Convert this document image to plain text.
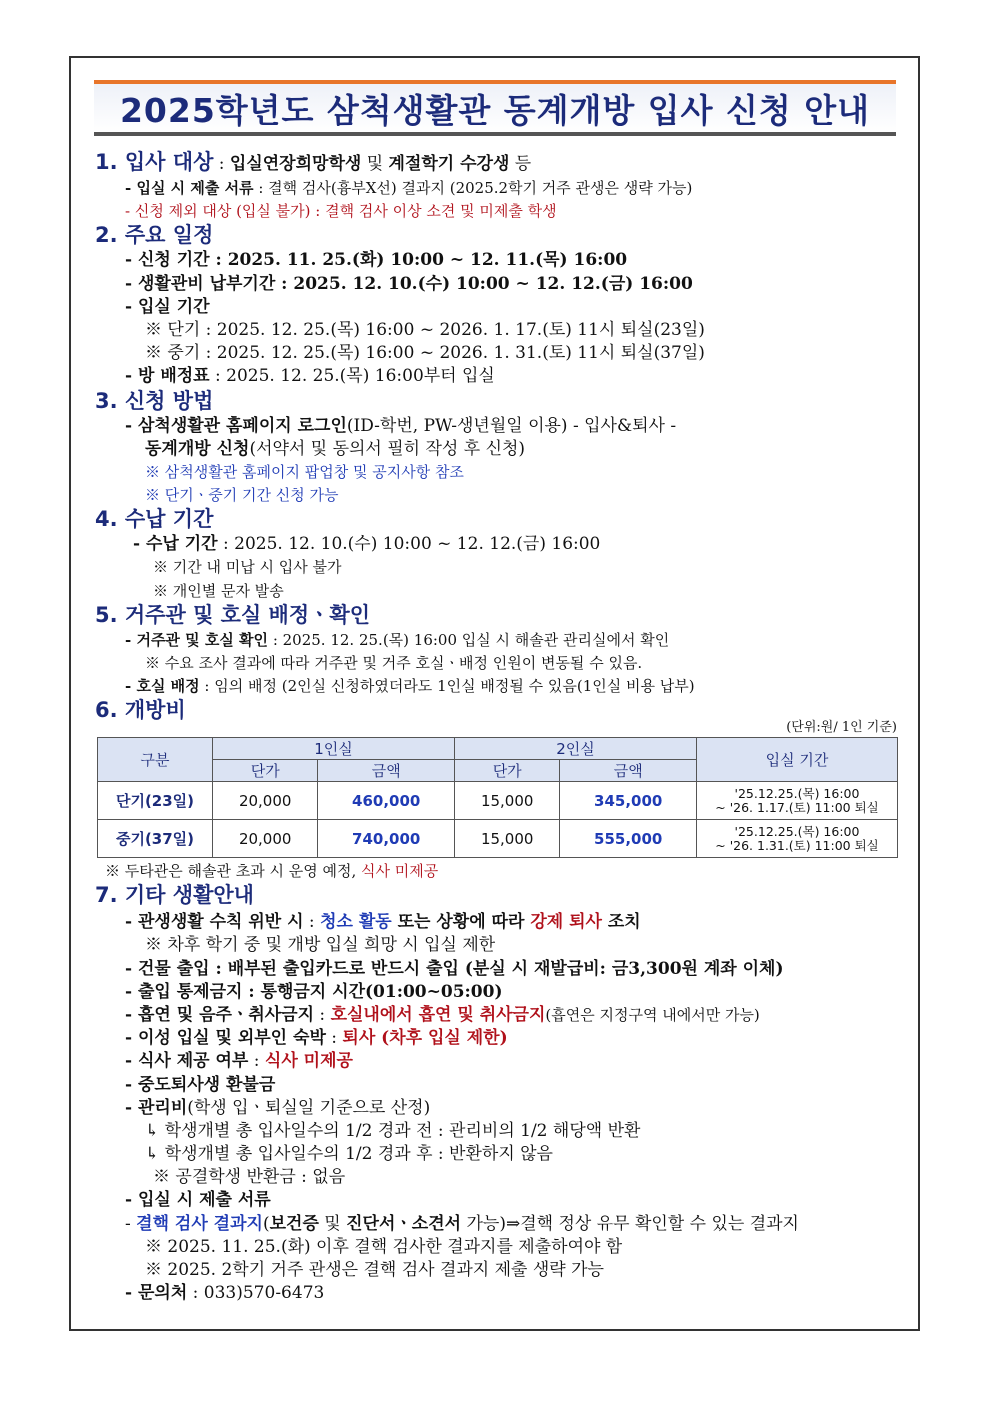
2025학년도 삼척생활관 동계개방 입사 신청 안내
1. 입사 대상 : 입실연장희망학생 및 계절학기 수강생 등
- 입실 시 제출 서류 : 결핵 검사(흉부X선) 결과지 (2025.2학기 거주 관생은 생략 가능)
- 신청 제외 대상 (입실 불가) : 결핵 검사 이상 소견 및 미제출 학생
2. 주요 일정
- 신청 기간 : 2025. 11. 25.(화) 10:00 ~ 12. 11.(목) 16:00
- 생활관비 납부기간 : 2025. 12. 10.(수) 10:00 ~ 12. 12.(금) 16:00
- 입실 기간
※ 단기 : 2025. 12. 25.(목) 16:00 ~ 2026. 1. 17.(토) 11시 퇴실(23일)
※ 중기 : 2025. 12. 25.(목) 16:00 ~ 2026. 1. 31.(토) 11시 퇴실(37일)
- 방 배정표 : 2025. 12. 25.(목) 16:00부터 입실
3. 신청 방법
- 삼척생활관 홈페이지 로그인(ID-학번, PW-생년월일 이용) - 입사&퇴사 -
동계개방 신청(서약서 및 동의서 필히 작성 후 신청)
※ 삼척생활관 홈페이지 팝업창 및 공지사항 참조
※ 단기ㆍ중기 기간 신청 가능
4. 수납 기간
- 수납 기간 : 2025. 12. 10.(수) 10:00 ~ 12. 12.(금) 16:00
※ 기간 내 미납 시 입사 불가
※ 개인별 문자 발송
5. 거주관 및 호실 배정ㆍ확인
- 거주관 및 호실 확인 : 2025. 12. 25.(목) 16:00 입실 시 해솔관 관리실에서 확인
※ 수요 조사 결과에 따라 거주관 및 거주 호실ㆍ배정 인원이 변동될 수 있음.
- 호실 배정 : 임의 배정 (2인실 신청하였더라도 1인실 배정될 수 있음(1인실 비용 납부)
6. 개방비
(단위:원/ 1인 기준)
구분	1인실		2인실		입실 기간
	단가	금액	단가	금액	
단기(23일)	20,000	460,000	15,000	345,000	'25.12.25.(목) 16:00
~ '26. 1.17.(토) 11:00 퇴실

중기(37일)	20,000	740,000	15,000	555,000	'25.12.25.(목) 16:00
~ '26. 1.31.(토) 11:00 퇴실
※ 두타관은 해솔관 초과 시 운영 예정, 식사 미제공
7. 기타 생활안내
- 관생생활 수칙 위반 시 : 청소 활동 또는 상황에 따라 강제 퇴사 조치
※ 차후 학기 중 및 개방 입실 희망 시 입실 제한
- 건물 출입 : 배부된 출입카드로 반드시 출입 (분실 시 재발급비: 금3,300원 계좌 이체)
- 출입 통제금지 : 통행금지 시간(01:00~05:00)
- 흡연 및 음주ㆍ취사금지 : 호실내에서 흡연 및 취사금지(흡연은 지정구역 내에서만 가능)
- 이성 입실 및 외부인 숙박 : 퇴사 (차후 입실 제한)
- 식사 제공 여부 : 식사 미제공
- 중도퇴사생 환불금
- 관리비(학생 입ㆍ퇴실일 기준으로 산정)
↳ 학생개별 총 입사일수의 1/2 경과 전 : 관리비의 1/2 해당액 반환
↳ 학생개별 총 입사일수의 1/2 경과 후 : 반환하지 않음
※ 공결학생 반환금 : 없음
- 입실 시 제출 서류
- 결핵 검사 결과지(보건증 및 진단서ㆍ소견서 가능)⇒결핵 정상 유무 확인할 수 있는 결과지
※ 2025. 11. 25.(화) 이후 결핵 검사한 결과지를 제출하여야 함
※ 2025. 2학기 거주 관생은 결핵 검사 결과지 제출 생략 가능
- 문의처 : 033)570-6473
